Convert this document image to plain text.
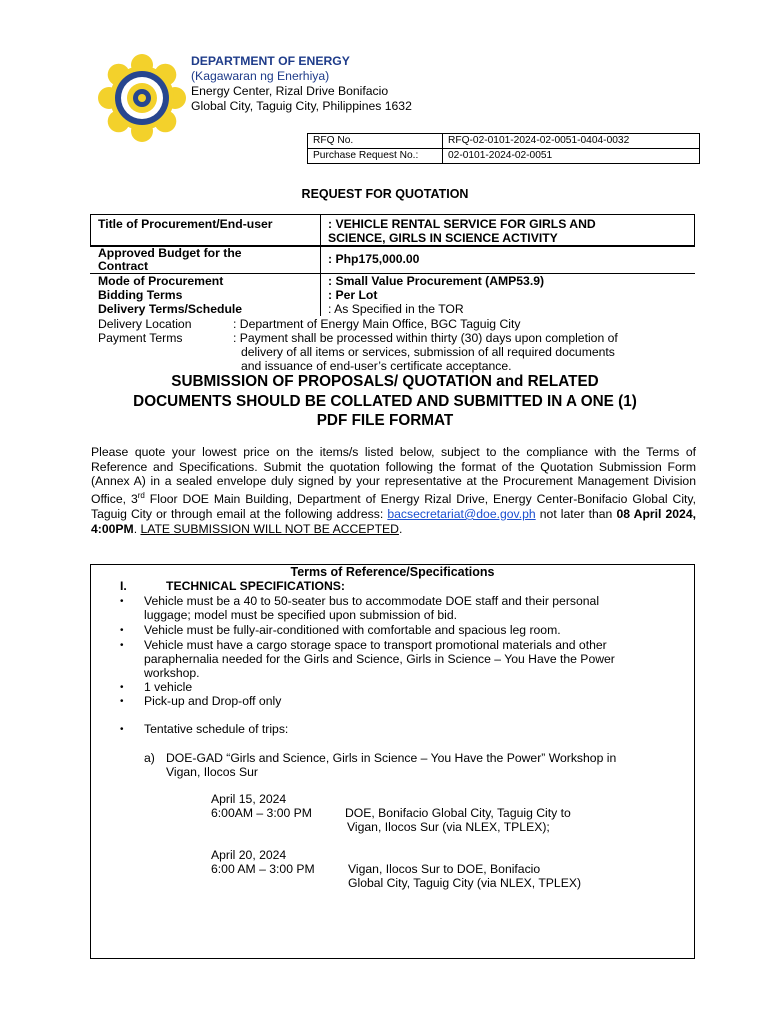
DEPARTMENT OF ENERGY
(Kagawaran ng Enerhiya)
Energy Center, Rizal Drive Bonifacio
Global City, Taguig City, Philippines 1632
RFQ No.	RFQ-02-0101-2024-02-0051-0404-0032
Purchase Request No.:	02-0101-2024-02-0051
REQUEST FOR QUOTATION
Title of Procurement/End-user	: VEHICLE RENTAL SERVICE FOR GIRLS AND
SCIENCE, GIRLS IN SCIENCE ACTIVITY
Approved Budget for the
Contract	: Php175,000.00
Mode of Procurement	: Small Value Procurement (AMP53.9)
Bidding Terms	: Per Lot
Delivery Terms/Schedule	: As Specified in the TOR
Delivery Location	: Department of Energy Main Office, BGC Taguig City
Payment Terms	: Payment shall be processed within thirty (30) days upon completion of
delivery of all items or services, submission of all required documents
and issuance of end-user’s certificate acceptance.
SUBMISSION OF PROPOSALS/ QUOTATION and RELATED
DOCUMENTS SHOULD BE COLLATED AND SUBMITTED IN A ONE (1)
PDF FILE FORMAT
Please quote your lowest price on the items/s listed below, subject to the compliance with the Terms of Reference and Specifications. Submit the quotation following the format of the Quotation Submission Form (Annex A) in a sealed envelope duly signed by your representative at the Procurement Management Division Office, 3rd Floor DOE Main Building, Department of Energy Rizal Drive, Energy Center-Bonifacio Global City, Taguig City or through email at the following address: bacsecretariat@doe.gov.ph not later than 08 April 2024, 4:00PM. LATE SUBMISSION WILL NOT BE ACCEPTED.
Terms of Reference/Specifications
I.	TECHNICAL SPECIFICATIONS:
• Vehicle must be a 40 to 50-seater bus to accommodate DOE staff and their personal
luggage; model must be specified upon submission of bid.
• Vehicle must be fully-air-conditioned with comfortable and spacious leg room.
• Vehicle must have a cargo storage space to transport promotional materials and other
paraphernalia needed for the Girls and Science, Girls in Science – You Have the Power
workshop.
• 1 vehicle
• Pick-up and Drop-off only
• Tentative schedule of trips:
a) DOE-GAD “Girls and Science, Girls in Science – You Have the Power” Workshop in
Vigan, Ilocos Sur
April 15, 2024
6:00AM – 3:00 PM	DOE, Bonifacio Global City, Taguig City to
Vigan, Ilocos Sur (via NLEX, TPLEX);
April 20, 2024
6:00 AM – 3:00 PM	Vigan, Ilocos Sur to DOE, Bonifacio
Global City, Taguig City (via NLEX, TPLEX)
